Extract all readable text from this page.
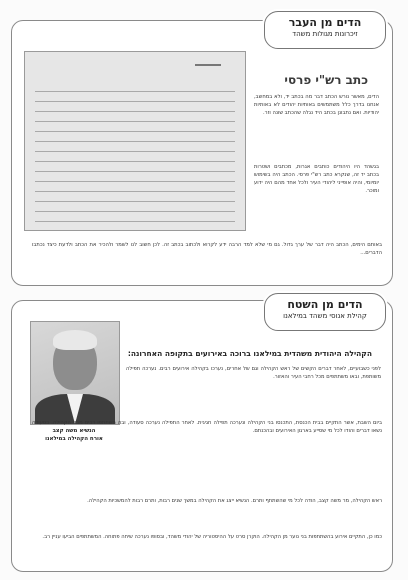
הדים מן העבר
זיכרונות מגולות משהד
כתב רש"י פרסי
הדים, מאשר נורש הכתב דבר מה בכתב יד, ולא במחשב, אנחנו בדרך כלל משתמשים באותיות יהודים לא באותיות יהודיות. ואם נתבונן בכתב היד נגלה שהכתב שונה וזר.
בגשהד היו היהודים כותבים אגרות, מכתבים ושטרות בכתב יד זה, שנקרא כתב רש"י פרסי. הכתב היה בשימוש יומיומי, והיה אופייני ליהודי העיר ולכל אחד מהם היה ידוע ומוכר.
באותם הימים, הכתב היה דבר של ערך גדול. גם מי שלא למד הרבה ידע לקרוא ולכתוב בכתב זה. לכן חשוב לנו לשמר ולהכיר את הכתב ולדעת כיצד נכתבו הדברים...
הדים מן השטח
קהילת אנוסי משהד במילאנו
הנשיא משה קצב
אורח הקהילה במילאנו
הקהילה היהודית משהדית במילאנו ברוכה באירועים בתקופה האחרונה:
לפני כשבועיים, לאחר דברים הקשים של ראש הקהילה וגם של אחרים, נערכו בקהילה אירועים רבים. נערכה תפילה משותפת, ובאו משתתפים מכל רחבי העיר והאזור.
ביום השבת, אשר התקיים בבית הכנסת, התכנסו בני הקהילה ונערכה תפילה חגיגית. לאחר התפילה נערכה סעודה, ובה השתתפו רבים מבני הקהילה. בסעודה נשאו דברים והודו לכל מי שסייע בארגון האירועים ובהכנתם.
ראש הקהילה, מר משה קצב, הודה לכל מי שהשתתף ותרם. הנשיא ייצג את הקהילה במשך שנים רבות, ותרם רבות להמשכיות הקהילה.
כמו כן, התקיים אירוע בהשתתפות בני נוער מן הקהילה. הוקרן סרט על ההיסטוריה של יהודי משהד, ובסופו נערכה שיחה פתוחה. המשתתפים הביעו עניין רב.
